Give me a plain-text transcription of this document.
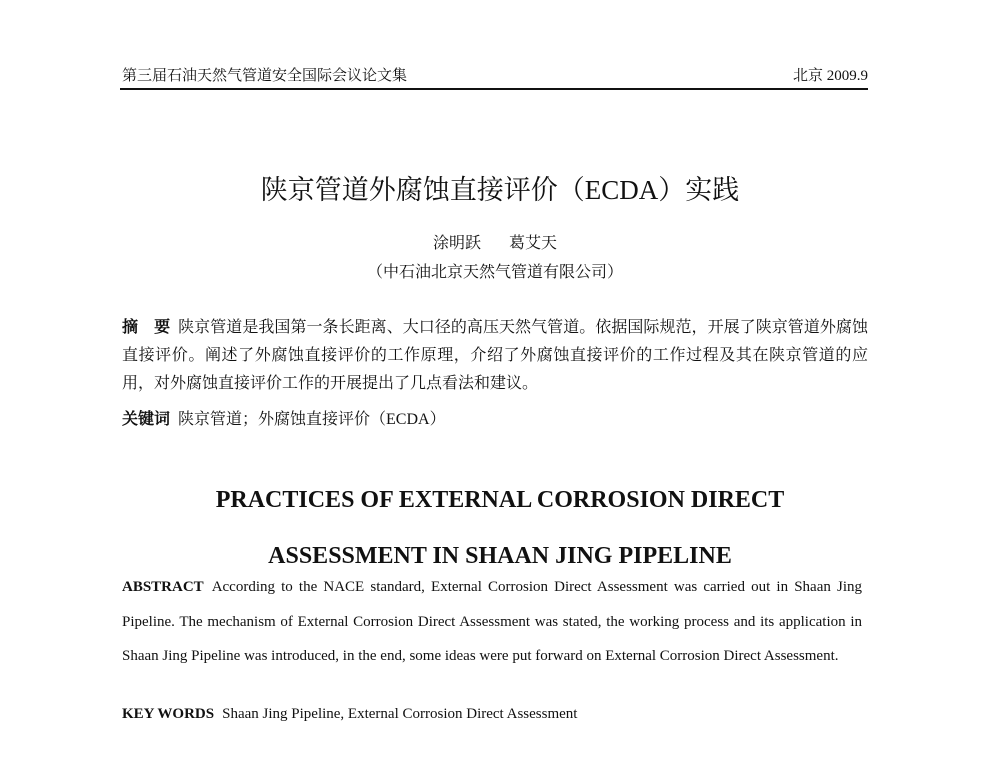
第三届石油天然气管道安全国际会议论文集	北京 2009.9
陕京管道外腐蚀直接评价（ECDA）实践
涂明跃 葛艾天
（中石油北京天然气管道有限公司）
摘　要 陕京管道是我国第一条长距离、大口径的高压天然气管道。依据国际规范，开展了陕京管道外腐蚀直接评价。阐述了外腐蚀直接评价的工作原理，介绍了外腐蚀直接评价的工作过程及其在陕京管道的应用，对外腐蚀直接评价工作的开展提出了几点看法和建议。
关键词 陕京管道；外腐蚀直接评价（ECDA）
PRACTICES OF EXTERNAL CORROSION DIRECT
ASSESSMENT IN SHAAN JING PIPELINE
ABSTRACT According to the NACE standard, External Corrosion Direct Assessment was carried out in Shaan Jing Pipeline. The mechanism of External Corrosion Direct Assessment was stated, the working process and its application in Shaan Jing Pipeline was introduced, in the end, some ideas were put forward on External Corrosion Direct Assessment.
KEY WORDS Shaan Jing Pipeline, External Corrosion Direct Assessment
